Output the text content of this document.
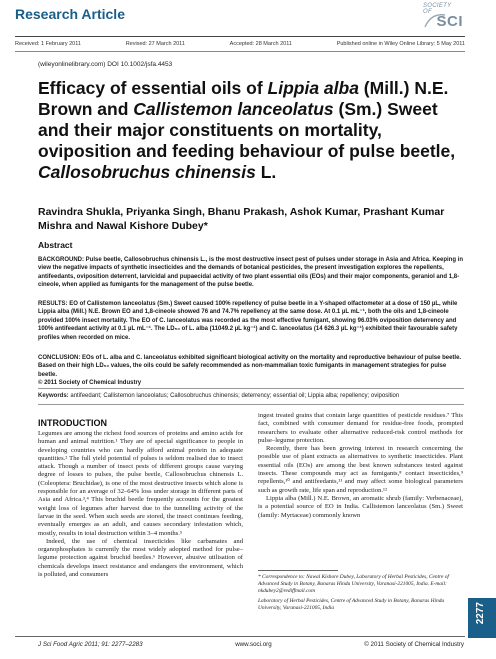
Research Article	SOCIETY OF
SCI
Received: 1 February 2011	Revised: 27 March 2011	Accepted: 28 March 2011	Published online in Wiley Online Library: 5 May 2011
(wileyonlinelibrary.com) DOI 10.1002/jsfa.4453
Efficacy of essential oils of Lippia alba (Mill.) N.E. Brown and Callistemon lanceolatus (Sm.) Sweet and their major constituents on mortality, oviposition and feeding behaviour of pulse beetle, Callosobruchus chinensis L.
Ravindra Shukla, Priyanka Singh, Bhanu Prakash, Ashok Kumar, Prashant Kumar Mishra and Nawal Kishore Dubey*
Abstract
BACKGROUND: Pulse beetle, Callosobruchus chinensis L., is the most destructive insect pest of pulses under storage in Asia and Africa. Keeping in view the negative impacts of synthetic insecticides and the demands of botanical pesticides, the present investigation explores the repellents, antifeedants, oviposition deterrent, larvicidal and pupaecidal activity of two plant essential oils (EOs) and their major components, geraniol and 1,8-cineole, when applied as fumigants for the management of the pulse beetle.
RESULTS: EO of Callistemon lanceolatus (Sm.) Sweet caused 100% repellency of pulse beetle in a Y-shaped olfactometer at a dose of 150 µL, while Lippia alba (Mill.) N.E. Brown EO and 1,8-cineole showed 76 and 74.7% repellency at the same dose. At 0.1 µL mL⁻¹, both the oils and 1,8-cineole provided 100% insect mortality. The EO of C. lanceolatus was recorded as the most effective fumigant, showing 96.03% oviposition deterrency and 100% antifeedant activity at 0.1 µL mL⁻¹. The LD₅₀ of L. alba (11049.2 µL kg⁻¹) and C. lanceolatus (14 626.3 µL kg⁻¹) exhibited their favourable safety profiles when recorded on mice.
CONCLUSION: EOs of L. alba and C. lanceolatus exhibited significant biological activity on the mortality and reproductive behaviour of pulse beetle. Based on their high LD₅₀ values, the oils could be safely recommended as non-mammalian toxic fumigants in management strategies for pulse beetle.
© 2011 Society of Chemical Industry
Keywords: antifeedant; Callistemon lanceolatus; Callosobruchus chinensis; deterrency; essential oil; Lippia alba; repellency; oviposition
INTRODUCTION

Legumes are among the richest food sources of proteins and amino acids for human and animal nutrition.¹ They are of special significance to people in developing countries who can hardly afford animal protein in adequate quantities.² The full yield potential of pulses is seldom realised due to insect attack. Though a number of insect pests of different groups cause varying degree of losses to pulses, the pulse beetle, Callosobruchus chinensis L. (Coleoptera: Bruchidae), is one of the most destructive insects which alone is responsible for an average of 32–64% loss under storage in different parts of Asia and Africa.³,⁴ This bruchid beetle frequently accounts for the greatest weight loss of legumes after harvest due to the tunnelling activity of the larvae in the seed. When such seeds are stored, the insect continues feeding, eventually emerges as an adult, and causes secondary infestation which, mostly, results in total destruction within 3–4 months.⁵

Indeed, the use of chemical insecticides like carbamates and organophosphates is currently the most widely adopted method for pulse–legume protection against bruchid beetles.⁶ However, abusive utilisation of chemicals develops insect resistance and endangers the environment, which is polluted, and consumers

ingest treated grains that contain large quantities of pesticide residues.⁷ This fact, combined with consumer demand for residue-free foods, prompted researchers to evaluate other alternative reduced-risk control methods for pulse–legume protection.

Recently, there has been growing interest in research concerning the possible use of plant extracts as alternatives to synthetic insecticides. Plant essential oils (EOs) are among the best known substances tested against insects. These compounds may act as fumigants,⁸ contact insecticides,⁹ repellents,¹⁰ and antifeedants,¹¹ and may affect some biological parameters such as growth rate, life span and reproduction.¹²

Lippia alba (Mill.) N.E. Brown, an aromatic shrub (family: Verbenaceae), is a potential source of EO in India. Callistemon lanceolatus (Sm.) Sweet (family: Myrtaceae) commonly known

* Correspondence to: Nawal Kishore Dubey, Laboratory of Herbal Pesticides, Centre of Advanced Study in Botany, Banaras Hindu University, Varanasi-221005, India. E-mail: nkdubey2@rediffmail.com
Laboratory of Herbal Pesticides, Centre of Advanced Study in Botany, Banaras Hindu University, Varanasi-221005, India
J Sci Food Agric 2011; 91: 2277–2283	www.soci.org	© 2011 Society of Chemical Industry
2277
